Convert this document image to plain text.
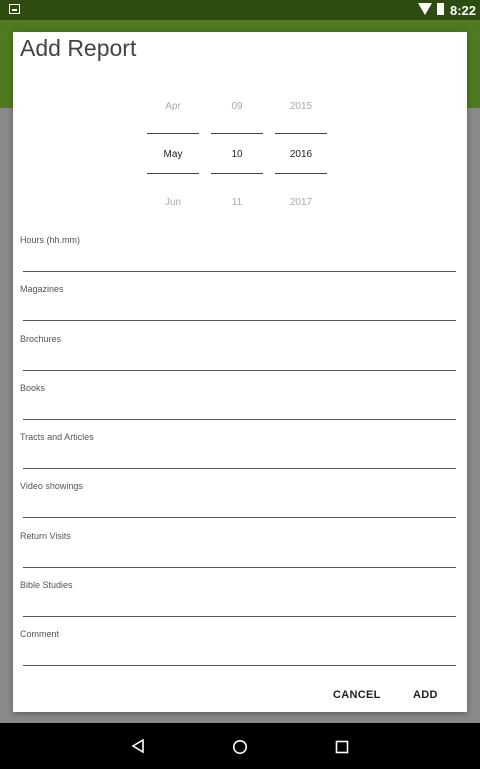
8:22
Add Report
Apr
May
Jun
09
10
11
2015
2016
2017
Hours (hh.mm)
Magazines
Brochures
Books
Tracts and Articles
Video showings
Return Visits
Bible Studies
Comment
CANCEL	ADD
